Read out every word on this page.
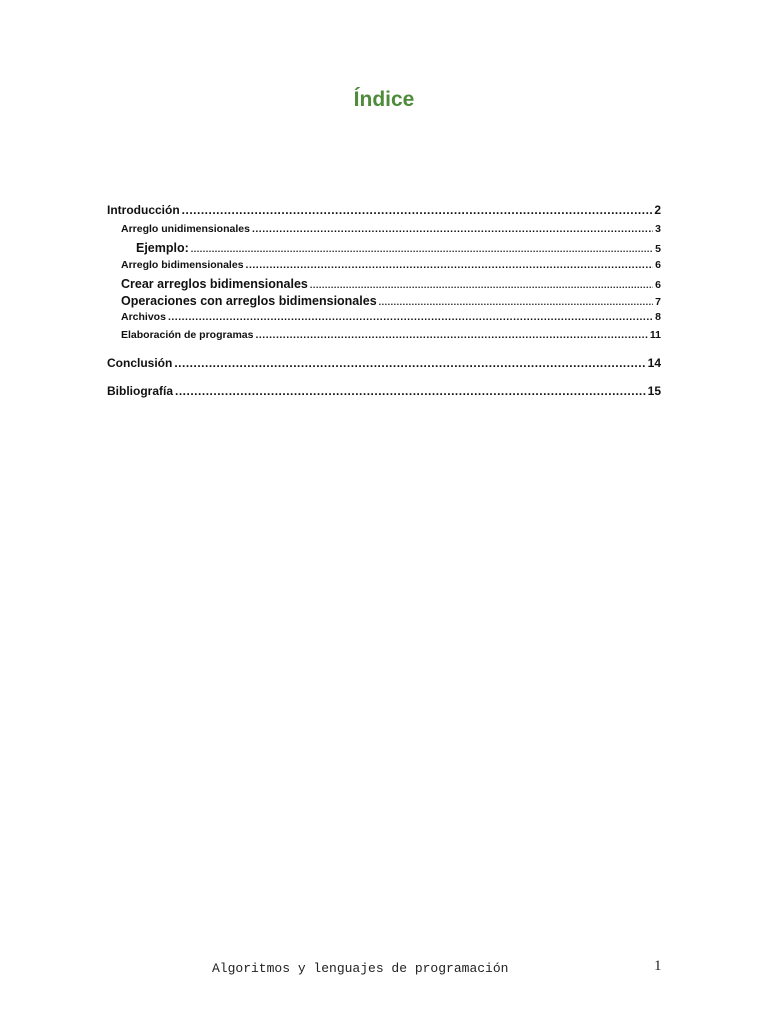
Índice
Introducción .....	2
Arreglo unidimensionales .....	3
Ejemplo: .....	5
Arreglo bidimensionales .....	6
Crear arreglos bidimensionales .....	6
Operaciones con arreglos bidimensionales .....	7
Archivos .....	8
Elaboración de programas .....	11
Conclusión .....	14
Bibliografía .....	15
Algoritmos y lenguajes de programación	1
